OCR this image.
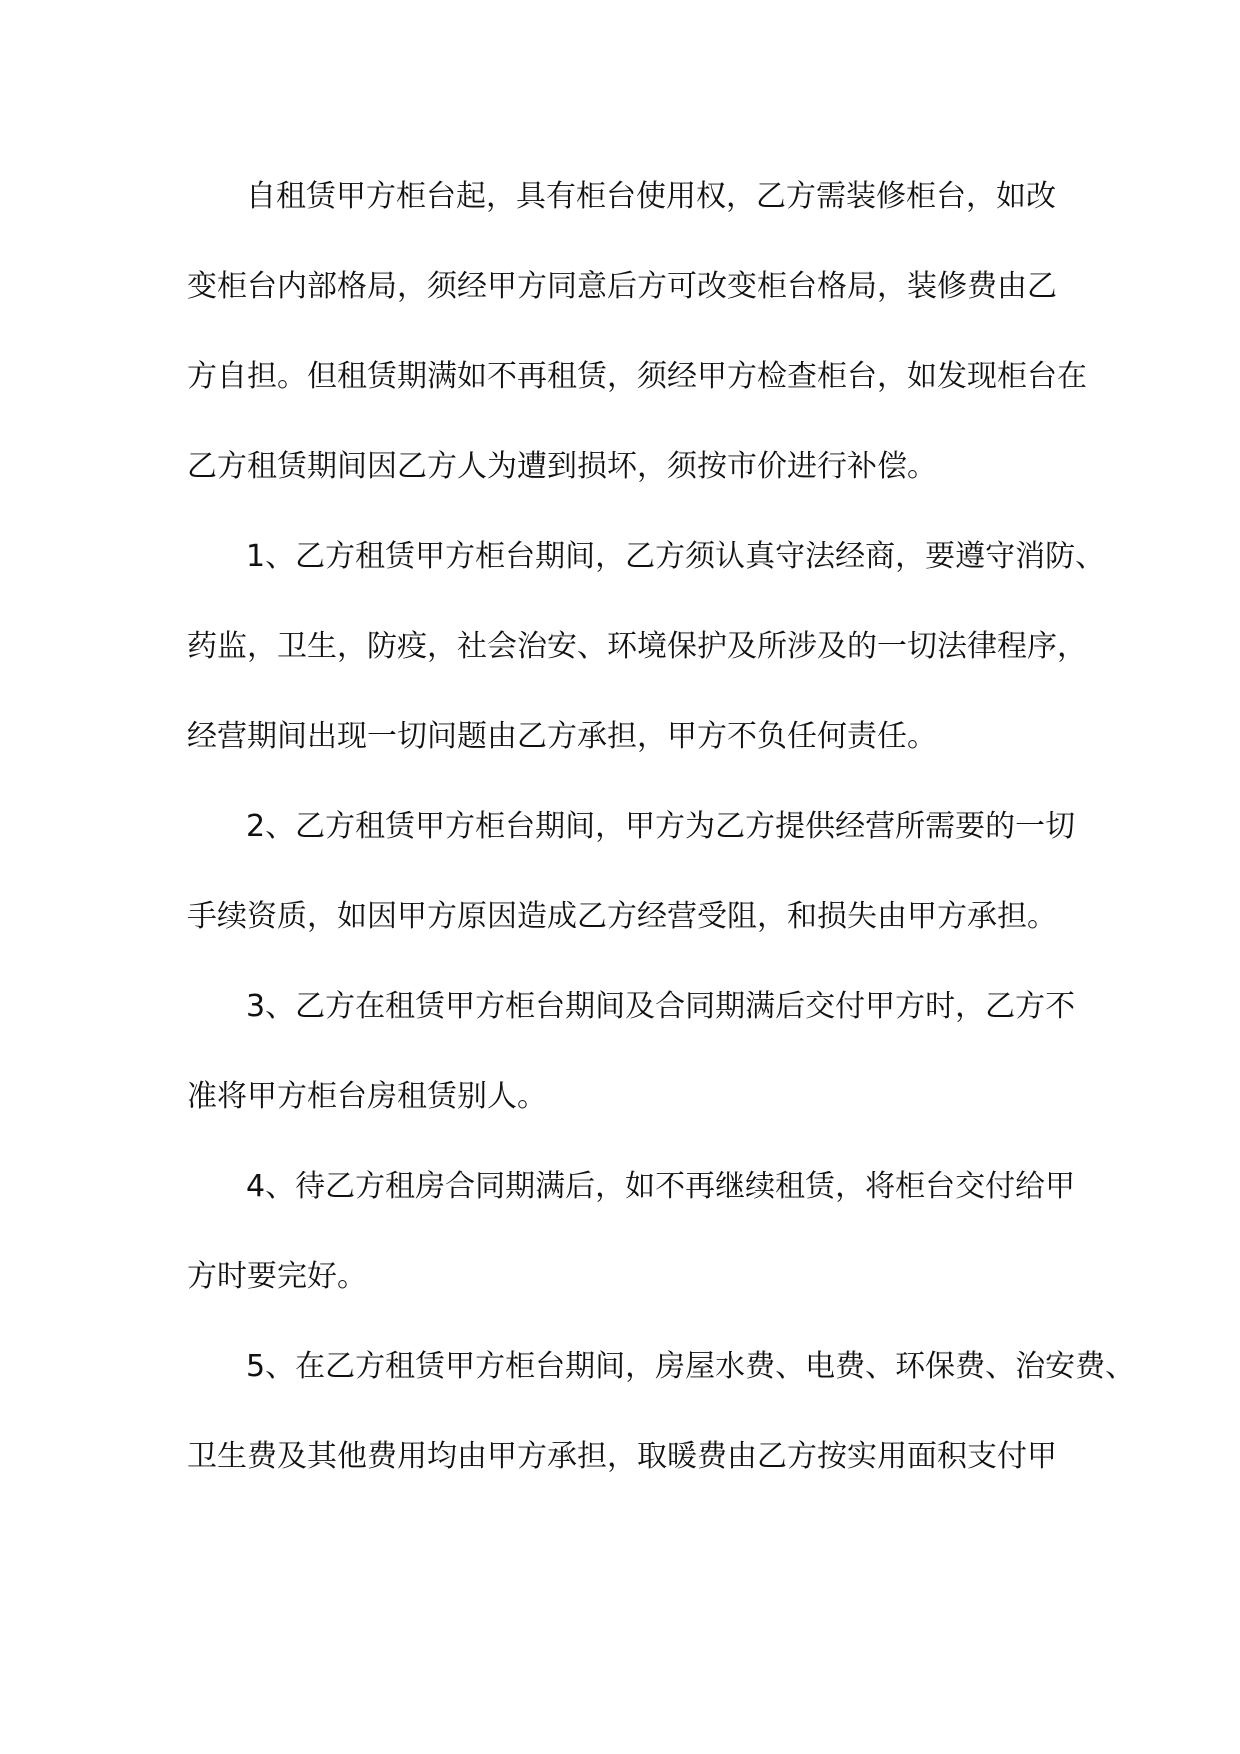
自租赁甲方柜台起，具有柜台使用权，乙方需装修柜台，如改
变柜台内部格局，须经甲方同意后方可改变柜台格局，装修费由乙
方自担。但租赁期满如不再租赁，须经甲方检查柜台，如发现柜台在
乙方租赁期间因乙方人为遭到损坏，须按市价进行补偿。
1、乙方租赁甲方柜台期间，乙方须认真守法经商，要遵守消防、
药监，卫生，防疫，社会治安、环境保护及所涉及的一切法律程序，
经营期间出现一切问题由乙方承担，甲方不负任何责任。
2、乙方租赁甲方柜台期间，甲方为乙方提供经营所需要的一切
手续资质，如因甲方原因造成乙方经营受阻，和损失由甲方承担。
3、乙方在租赁甲方柜台期间及合同期满后交付甲方时，乙方不
准将甲方柜台房租赁别人。
4、待乙方租房合同期满后，如不再继续租赁，将柜台交付给甲
方时要完好。
5、在乙方租赁甲方柜台期间，房屋水费、电费、环保费、治安费、
卫生费及其他费用均由甲方承担，取暖费由乙方按实用面积支付甲
